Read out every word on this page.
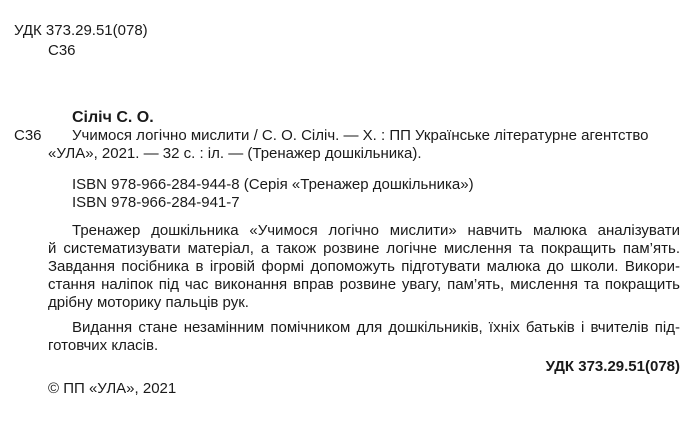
УДК 373.29.51(078)
С36
Сіліч С. О.
С36 Учимося логічно мислити / С. О. Сіліч. — Х. : ПП Українське літературне агентство
«УЛА», 2021. — 32 с. : іл. — (Тренажер дошкільника).
ISBN 978-966-284-944-8 (Серія «Тренажер дошкільника»)
ISBN 978-966-284-941-7
Тренажер дошкільника «Учимося логічно мислити» навчить малюка аналізувати
й систематизувати матеріал, а також розвине логічне мислення та покращить пам’ять.
Завдання посібника в ігровій формі допоможуть підготувати малюка до школи. Викори-
стання наліпок під час виконання вправ розвине увагу, пам’ять, мислення та покращить
дрібну моторику пальців рук.
Видання стане незамінним помічником для дошкільників, їхніх батьків і вчителів під-
готовчих класів.
УДК 373.29.51(078)
© ПП «УЛА», 2021
